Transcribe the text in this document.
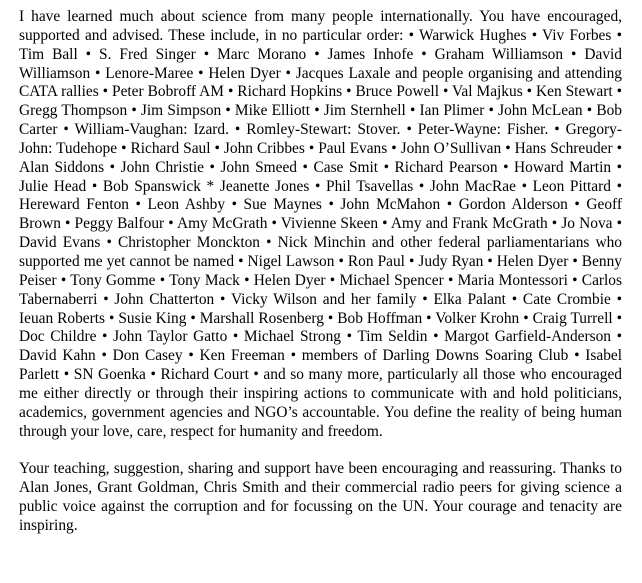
I have learned much about science from many people internationally. You have encouraged, supported and advised. These include, in no particular order: • Warwick Hughes • Viv Forbes • Tim Ball • S. Fred Singer • Marc Morano • James Inhofe • Graham Williamson • David Williamson • Lenore-Maree • Helen Dyer • Jacques Laxale and people organising and attending CATA rallies • Peter Bobroff AM • Richard Hopkins • Bruce Powell • Val Majkus • Ken Stewart • Gregg Thompson • Jim Simpson • Mike Elliott • Jim Sternhell • Ian Plimer • John McLean • Bob Carter • William-Vaughan: Izard. • Romley-Stewart: Stover. • Peter-Wayne: Fisher. • Gregory-John: Tudehope • Richard Saul • John Cribbes • Paul Evans • John O’Sullivan • Hans Schreuder • Alan Siddons • John Christie • John Smeed • Case Smit • Richard Pearson • Howard Martin • Julie Head • Bob Spanswick * Jeanette Jones • Phil Tsavellas • John MacRae • Leon Pittard • Hereward Fenton • Leon Ashby • Sue Maynes • John McMahon • Gordon Alderson • Geoff Brown • Peggy Balfour • Amy McGrath • Vivienne Skeen • Amy and Frank McGrath • Jo Nova • David Evans • Christopher Monckton • Nick Minchin and other federal parliamentarians who supported me yet cannot be named • Nigel Lawson • Ron Paul • Judy Ryan • Helen Dyer • Benny Peiser • Tony Gomme • Tony Mack • Helen Dyer • Michael Spencer • Maria Montessori • Carlos Tabernaberri • John Chatterton • Vicky Wilson and her family • Elka Palant • Cate Crombie • Ieuan Roberts • Susie King • Marshall Rosenberg • Bob Hoffman • Volker Krohn • Craig Turrell • Doc Childre • John Taylor Gatto • Michael Strong • Tim Seldin • Margot Garfield-Anderson • David Kahn • Don Casey • Ken Freeman • members of Darling Downs Soaring Club • Isabel Parlett • SN Goenka • Richard Court • and so many more, particularly all those who encouraged me either directly or through their inspiring actions to communicate with and hold politicians, academics, government agencies and NGO’s accountable. You define the reality of being human through your love, care, respect for humanity and freedom.

Your teaching, suggestion, sharing and support have been encouraging and reassuring. Thanks to Alan Jones, Grant Goldman, Chris Smith and their commercial radio peers for giving science a public voice against the corruption and for focussing on the UN. Your courage and tenacity are inspiring.
